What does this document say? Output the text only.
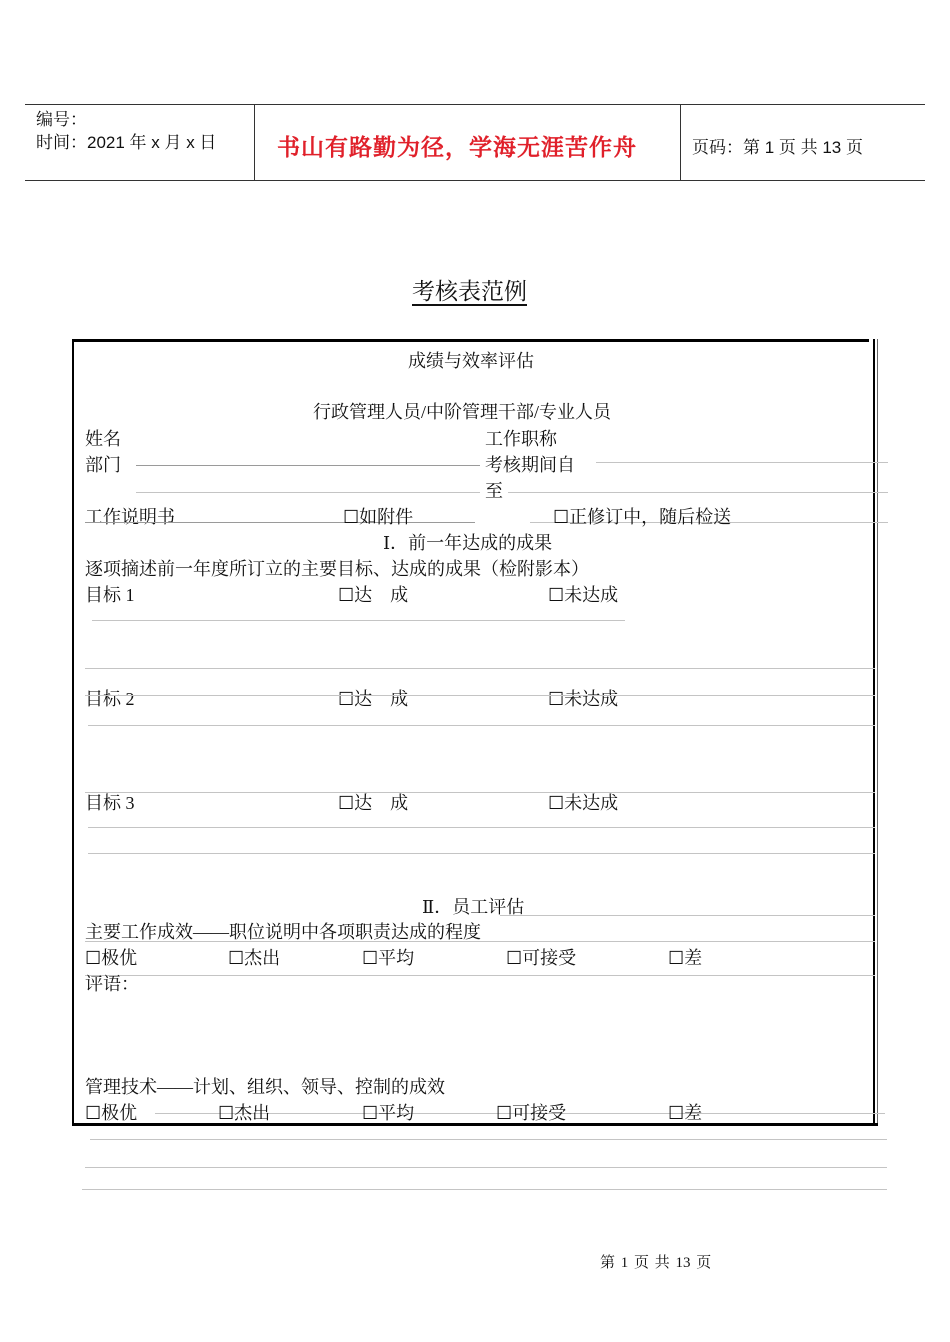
编号：
时间：2021 年 x 月 x 日	书山有路勤为径，学海无涯苦作舟	页码：第 1 页 共 13 页
考核表范例
成绩与效率评估
行政管理人员/中阶管理干部/专业人员
姓名	工作职称
部门	考核期间自
至
工作说明书	☐如附件	☐正修订中，随后检送
Ⅰ．前一年达成的成果
逐项摘述前一年度所订立的主要目标、达成的成果（检附影本）
目标 1	☐达　成	☐未达成
目标 2	☐达　成	☐未达成
目标 3	☐达　成	☐未达成
Ⅱ．员工评估
主要工作成效——职位说明中各项职责达成的程度
☐极优	☐杰出	☐平均	☐可接受	☐差
评语：
管理技术——计划、组织、领导、控制的成效
☐极优	☐杰出	☐平均	☐可接受	☐差
第 1 页 共 13 页
